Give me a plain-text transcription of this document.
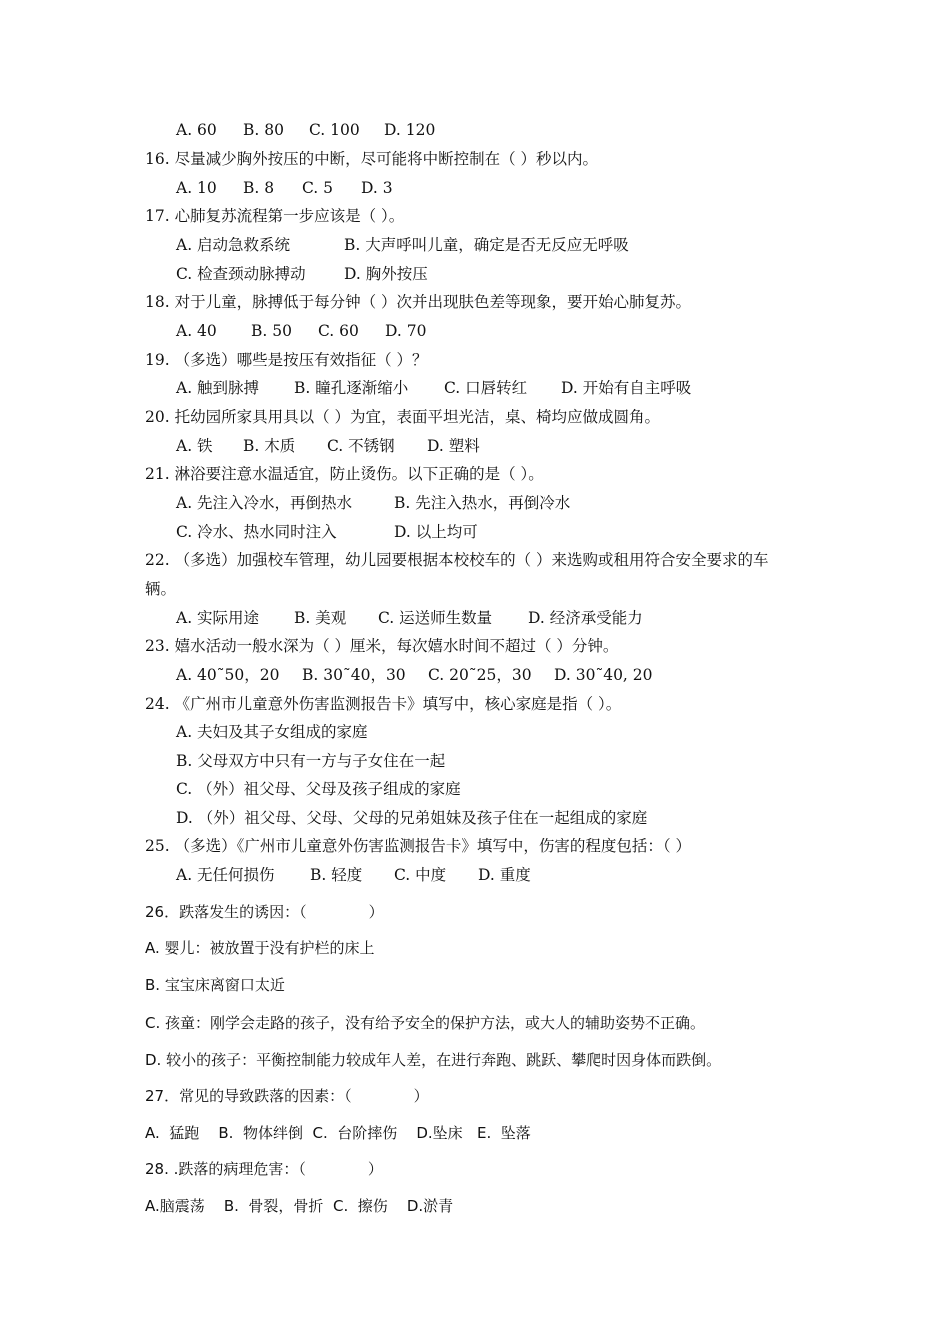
A. 60 B. 80 C. 100 D. 120
16. 尽量减少胸外按压的中断，尽可能将中断控制在（ ）秒以内。
A. 10 B. 8 C. 5 D. 3
17. 心肺复苏流程第一步应该是（ ）。
A. 启动急救系统	B. 大声呼叫儿童，确定是否无反应无呼吸
C. 检查颈动脉搏动 D. 胸外按压
18. 对于儿童，脉搏低于每分钟（ ）次并出现肤色差等现象，要开始心肺复苏。
A. 40 B. 50 C. 60 D. 70
19. （多选）哪些是按压有效指征（ ）？
A. 触到脉搏 B. 瞳孔逐渐缩小 C. 口唇转红 D. 开始有自主呼吸
20. 托幼园所家具用具以（ ）为宜，表面平坦光洁，桌、椅均应做成圆角。
A. 铁 B. 木质 C. 不锈钢 D. 塑料
21. 淋浴要注意水温适宜，防止烫伤。以下正确的是（ ）。
A. 先注入冷水，再倒热水	B. 先注入热水，再倒冷水
C. 冷水、热水同时注入	D. 以上均可
22. （多选）加强校车管理，幼儿园要根据本校校车的（ ）来选购或租用符合安全要求的车
辆。
A. 实际用途 B. 美观 C. 运送师生数量 D. 经济承受能力
23. 嬉水活动一般水深为（ ）厘米，每次嬉水时间不超过（ ）分钟。
A. 40˜50，20 B. 30˜40，30 C. 20˜25，30 D. 30˜40, 20
24. 《广州市儿童意外伤害监测报告卡》填写中，核心家庭是指（ ）。
A. 夫妇及其子女组成的家庭
B. 父母双方中只有一方与子女住在一起
C. （外）祖父母、父母及孩子组成的家庭
D. （外）祖父母、父母、父母的兄弟姐妹及孩子住在一起组成的家庭
25. （多选）《广州市儿童意外伤害监测报告卡》填写中，伤害的程度包括：（ ）
A. 无任何损伤 B. 轻度 C. 中度 D. 重度
26．跌落发生的诱因：（	）
A. 婴儿：被放置于没有护栏的床上
B. 宝宝床离窗口太近
C. 孩童：刚学会走路的孩子，没有给予安全的保护方法，或大人的辅助姿势不正确。
D. 较小的孩子：平衡控制能力较成年人差，在进行奔跑、跳跃、攀爬时因身体而跌倒。
27．常见的导致跌落的因素：（	）
A.  猛跑    B.  物体绊倒  C.  台阶摔伤    D.坠床   E.  坠落
28. .跌落的病理危害：（	）
A.脑震荡    B.  骨裂，骨折  C.  擦伤    D.淤青
